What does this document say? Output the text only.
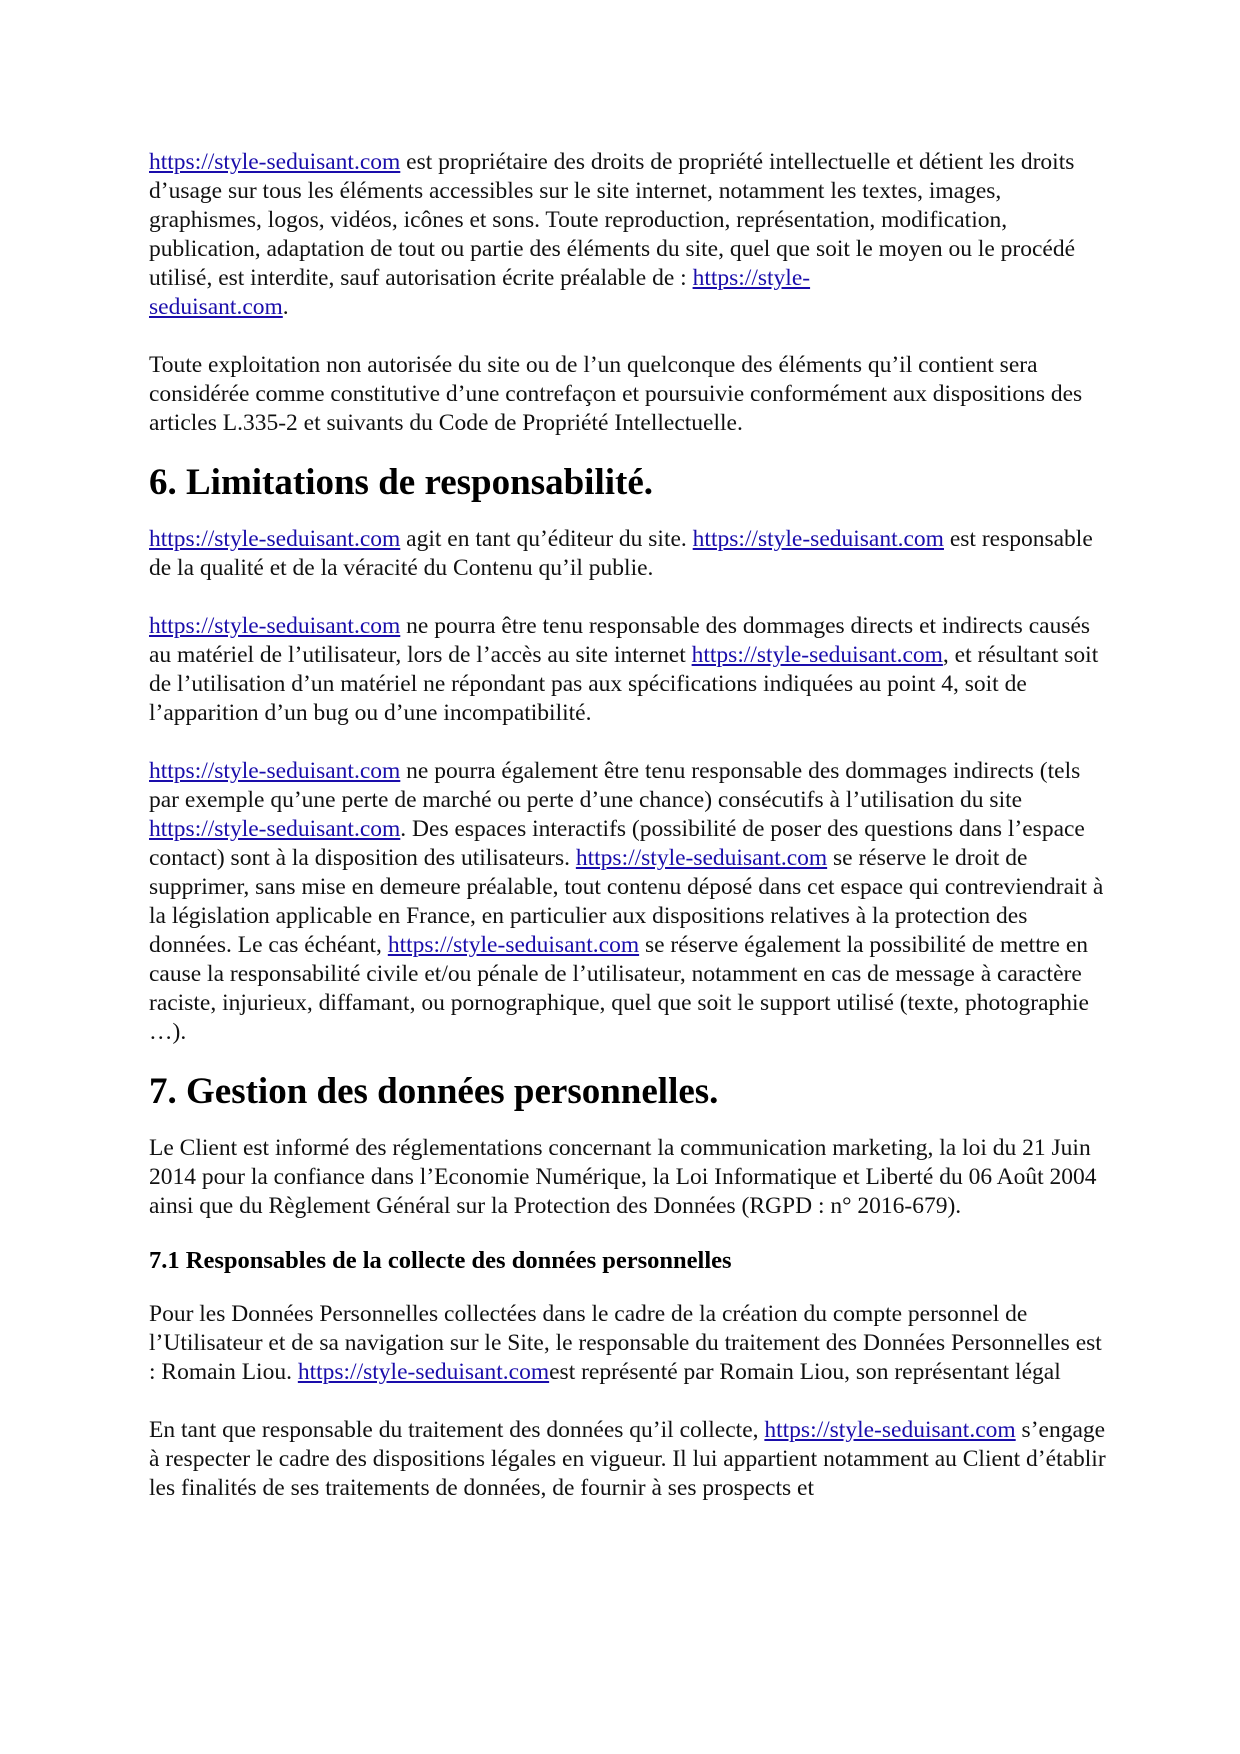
https://style-seduisant.com est propriétaire des droits de propriété intellectuelle et détient les droits d’usage sur tous les éléments accessibles sur le site internet, notamment les textes, images, graphismes, logos, vidéos, icônes et sons. Toute reproduction, représentation, modification, publication, adaptation de tout ou partie des éléments du site, quel que soit le moyen ou le procédé utilisé, est interdite, sauf autorisation écrite préalable de : https://style-
seduisant.com.

Toute exploitation non autorisée du site ou de l’un quelconque des éléments qu’il contient sera considérée comme constitutive d’une contrefaçon et poursuivie conformément aux dispositions des articles L.335-2 et suivants du Code de Propriété Intellectuelle.

6. Limitations de responsabilité.

https://style-seduisant.com agit en tant qu’éditeur du site. https://style-seduisant.com est responsable de la qualité et de la véracité du Contenu qu’il publie.

https://style-seduisant.com ne pourra être tenu responsable des dommages directs et indirects causés au matériel de l’utilisateur, lors de l’accès au site internet https://style-seduisant.com, et résultant soit de l’utilisation d’un matériel ne répondant pas aux spécifications indiquées au point 4, soit de l’apparition d’un bug ou d’une incompatibilité.

https://style-seduisant.com ne pourra également être tenu responsable des dommages indirects (tels par exemple qu’une perte de marché ou perte d’une chance) consécutifs à l’utilisation du site https://style-seduisant.com. Des espaces interactifs (possibilité de poser des questions dans l’espace contact) sont à la disposition des utilisateurs. https://style-seduisant.com se réserve le droit de supprimer, sans mise en demeure préalable, tout contenu déposé dans cet espace qui contreviendrait à la législation applicable en France, en particulier aux dispositions relatives à la protection des données. Le cas échéant, https://style-seduisant.com se réserve également la possibilité de mettre en cause la responsabilité civile et/ou pénale de l’utilisateur, notamment en cas de message à caractère raciste, injurieux, diffamant, ou pornographique, quel que soit le support utilisé (texte, photographie …).

7. Gestion des données personnelles.

Le Client est informé des réglementations concernant la communication marketing, la loi du 21 Juin 2014 pour la confiance dans l’Economie Numérique, la Loi Informatique et Liberté du 06 Août 2004 ainsi que du Règlement Général sur la Protection des Données (RGPD : n° 2016-679).

7.1 Responsables de la collecte des données personnelles

Pour les Données Personnelles collectées dans le cadre de la création du compte personnel de l’Utilisateur et de sa navigation sur le Site, le responsable du traitement des Données Personnelles est : Romain Liou. https://style-seduisant.comest représenté par Romain Liou, son représentant légal

En tant que responsable du traitement des données qu’il collecte, https://style-seduisant.com s’engage à respecter le cadre des dispositions légales en vigueur. Il lui appartient notamment au Client d’établir les finalités de ses traitements de données, de fournir à ses prospects et
